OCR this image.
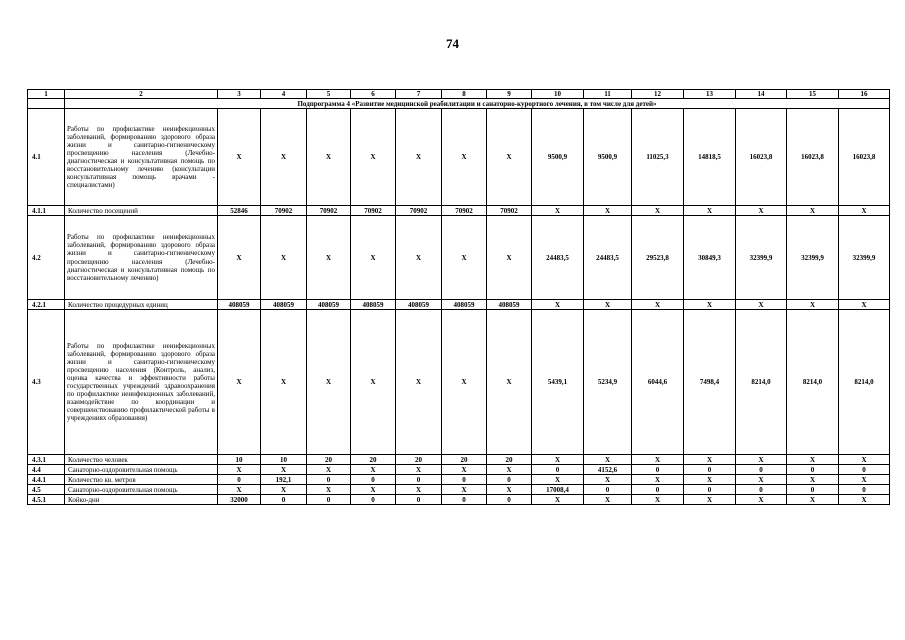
74
1	2	3	4	5	6	7	8	9	10	11	12	13	14	15	16
	Подпрограмма 4 «Развитие медицинской реабилитации и санаторно-курортного лечения, в том числе для детей»														
4.1	Работы по профилактике неинфекционных заболеваний, формированию здорового образа жизни и санитарно-гигиеническому просвещению населения (Лечебно-диагностическая и консультативная помощь по восстановительному лечению (консультации консультативная помощь врачами - специалистами)	X	X	X	X	X	X	X	9500,9	9500,9	11025,3	14818,5	16023,8	16023,8	16023,8
4.1.1	Количество посещений	52846	70902	70902	70902	70902	70902	70902	X	X	X	X	X	X	X
4.2	Работы по профилактике неинфекционных заболеваний, формированию здорового образа жизни и санитарно-гигиеническому просвещению населения (Лечебно-диагностическая и консультативная помощь по восстановительному лечению)	X	X	X	X	X	X	X	24483,5	24483,5	29523,8	30849,3	32399,9	32399,9	32399,9
4.2.1	Количество процедурных единиц	408059	408059	408059	408059	408059	408059	408059	X	X	X	X	X	X	X
4.3	Работы по профилактике неинфекционных заболеваний, формированию здорового образа жизни и санитарно-гигиеническому просвещению населения (Контроль, анализ, оценка качества и эффективности работы государственных учреждений здравоохранения по профилактике неинфекционных заболеваний, взаимодействие по координации и совершенствованию профилактической работы в учреждениях образования)	X	X	X	X	X	X	X	5439,1	5234,9	6044,6	7498,4	8214,0	8214,0	8214,0
4.3.1	Количество человек	10	10	20	20	20	20	20	X	X	X	X	X	X	X
4.4	Санаторно-оздоровительная помощь	X	X	X	X	X	X	X	0	4152,6	0	0	0	0	0
4.4.1	Количество кв. метров	0	192,1	0	0	0	0	0	X	X	X	X	X	X	X
4.5	Санаторно-оздоровительная помощь	X	X	X	X	X	X	X	17008,4	0	0	0	0	0	0
4.5.1	Койко-дни	32000	0	0	0	0	0	0	X	X	X	X	X	X	X
